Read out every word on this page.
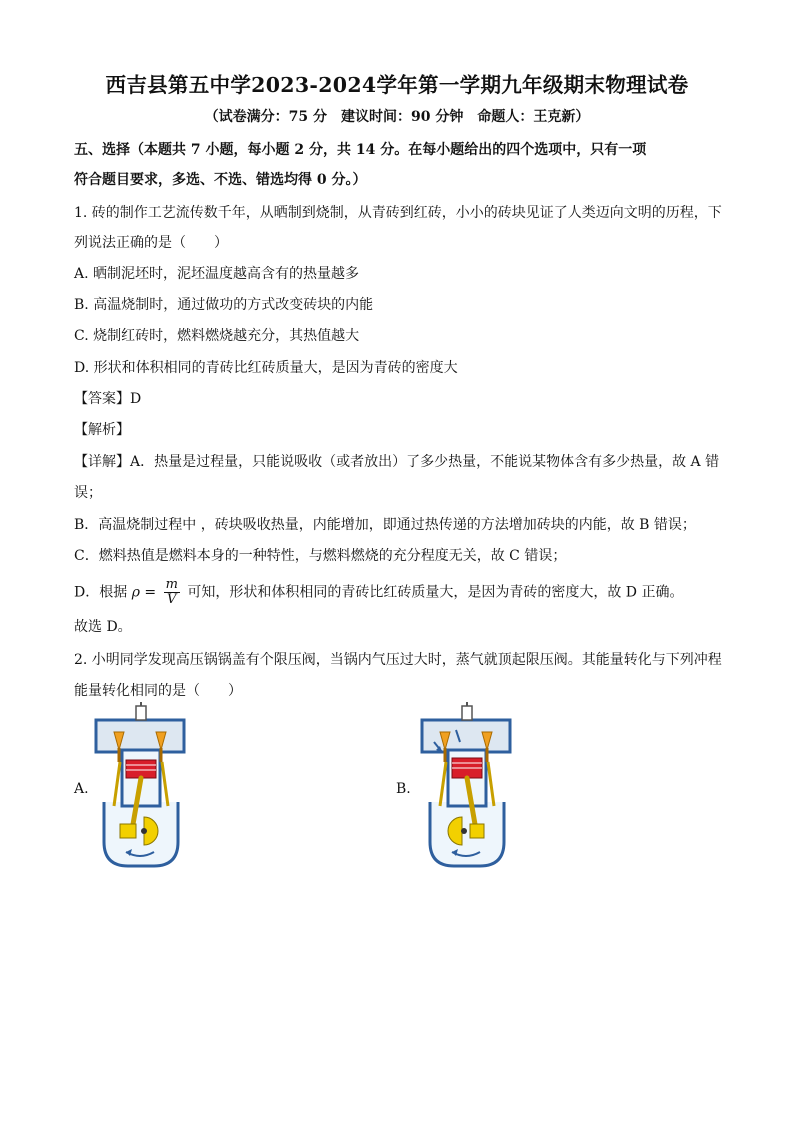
西吉县第五中学2023-2024学年第一学期九年级期末物理试卷
（试卷满分：75 分　建议时间：90 分钟　命题人：王克新）
五、选择（本题共 7 小题，每小题 2 分，共 14 分。在每小题给出的四个选项中，只有一项
符合题目要求，多选、不选、错选均得 0 分。）
1. 砖的制作工艺流传数千年，从晒制到烧制，从青砖到红砖，小小的砖块见证了人类迈向文明的历程，下
列说法正确的是（　　）
A. 晒制泥坯时，泥坯温度越高含有的热量越多
B. 高温烧制时，通过做功的方式改变砖块的内能
C. 烧制红砖时，燃料燃烧越充分，其热值越大
D. 形状和体积相同的青砖比红砖质量大，是因为青砖的密度大
【答案】D
【解析】
【详解】A．热量是过程量，只能说吸收（或者放出）了多少热量，不能说某物体含有多少热量，故 A 错
误；
B．高温烧制过程中 ，砖块吸收热量，内能增加，即通过热传递的方法增加砖块的内能，故 B 错误；
C．燃料热值是燃料本身的一种特性，与燃料燃烧的充分程度无关，故 C 错误；
D．根据 $\rho = \frac{m}{V}$ 可知，形状和体积相同的青砖比红砖质量大，是因为青砖的密度大，故 D 正确。
故选 D。
2. 小明同学发现高压锅锅盖有个限压阀，当锅内气压过大时，蒸气就顶起限压阀。其能量转化与下列冲程
能量转化相同的是（　　）
A.	B.
